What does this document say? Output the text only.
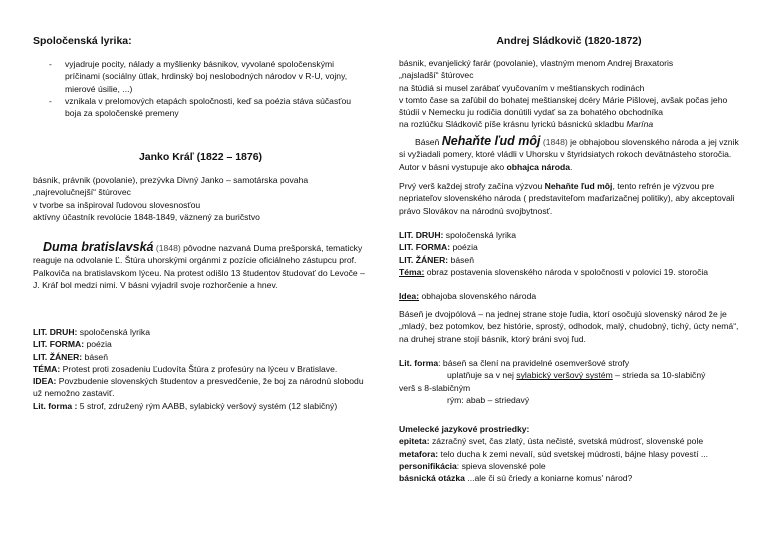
Spoločenská lyrika:

- vyjadruje pocity, nálady a myšlienky básnikov, vyvolané spoločenskými príčinami (sociálny útlak, hrdinský boj neslobodných národov v R-U, vojny, mierové úsilie, ...)
- vznikala v prelomových etapách spoločnosti, keď sa poézia stáva súčasťou boja za spoločenské premeny

Janko Kráľ (1822 – 1876)

básnik, právnik (povolanie), prezývka Divný Janko – samotárska povaha

„najrevolučnejší“ štúrovec

v tvorbe sa inšpiroval ľudovou slovesnosťou

aktívny účastník revolúcie 1848-1849, väznený za buričstvo

Duma bratislavská (1848) pôvodne nazvaná Duma prešporská, tematicky reaguje na odvolanie Ľ. Štúra uhorskými orgánmi z pozície oficiálneho zástupcu prof. Palkoviča na bratislavskom lýceu. Na protest odišlo 13 študentov študovať do Levoče – J. Kráľ bol medzi nimi. V básni vyjadril svoje rozhorčenie a hnev.

LIT. DRUH: spoločenská lyrika

LIT. FORMA: poézia

LIT. ŽÁNER: báseň

TÉMA: Protest proti zosadeniu Ľudovíta Štúra z profesúry na lýceu v Bratislave.

IDEA: Povzbudenie slovenských študentov a presvedčenie, že boj za národnú slobodu už nemožno zastaviť.

Lit. forma : 5 strof, združený rým AABB, sylabický veršový systém (12 slabičný)

Andrej Sládkovič (1820-1872)

básnik, evanjelický farár (povolanie), vlastným menom Andrej Braxatoris

„najsladší“ štúrovec

na štúdiá si musel zarábať vyučovaním v meštianskych rodinách

v tomto čase sa zaľúbil do bohatej meštianskej dcéry Márie Pišlovej, avšak počas jeho štúdií v Nemecku ju rodičia donútili vydať sa za bohatého obchodníka

na rozlúčku Sládkovič píše krásnu lyrickú básnickú skladbu Marína

Báseň Nehaňte ľud môj (1848) je obhajobou slovenského národa a jej vznik si vyžiadali pomery, ktoré vládli v Uhorsku v štyridsiatych rokoch devätnásteho storočia. Autor v básni vystupuje ako obhajca národa.

Prvý verš každej strofy začína výzvou Nehaňte ľud môj, tento refrén je výzvou pre nepriateľov slovenského národa ( predstaviteľom maďarizačnej politiky), aby akceptovali právo Slovákov na národnú svojbytnosť.

LIT. DRUH: spoločenská lyrika

LIT. FORMA: poézia

LIT. ŽÁNER: báseň

Téma: obraz postavenia slovenského národa v spoločnosti v polovici 19. storočia

Idea: obhajoba slovenského národa

Báseň je dvojpólová – na jednej strane stoje ľudia, ktorí osočujú slovenský národ že je „mladý, bez potomkov, bez histórie, sprostý, odhodok, malý, chudobný, tichý, úcty nemá“, na druhej strane stojí básnik, ktorý bráni svoj ľud.

Lit. forma: báseň sa člení na pravidelné osemveršové strofy

uplatňuje sa v nej sylabický veršový systém – strieda sa 10-slabičný

verš s 8-slabičným

rým: abab – striedavý

Umelecké jazykové prostriedky:

epiteta: zázračný svet, čas zlatý, ústa nečisté, svetská múdrosť, slovenské pole

metafora: telo ducha k zemi nevalí, súd svetskej múdrosti, bájne hlasy povestí ...

personifikácia: spieva slovenské pole

básnická otázka ...ale či sú čriedy a koniarne komus' národ?
